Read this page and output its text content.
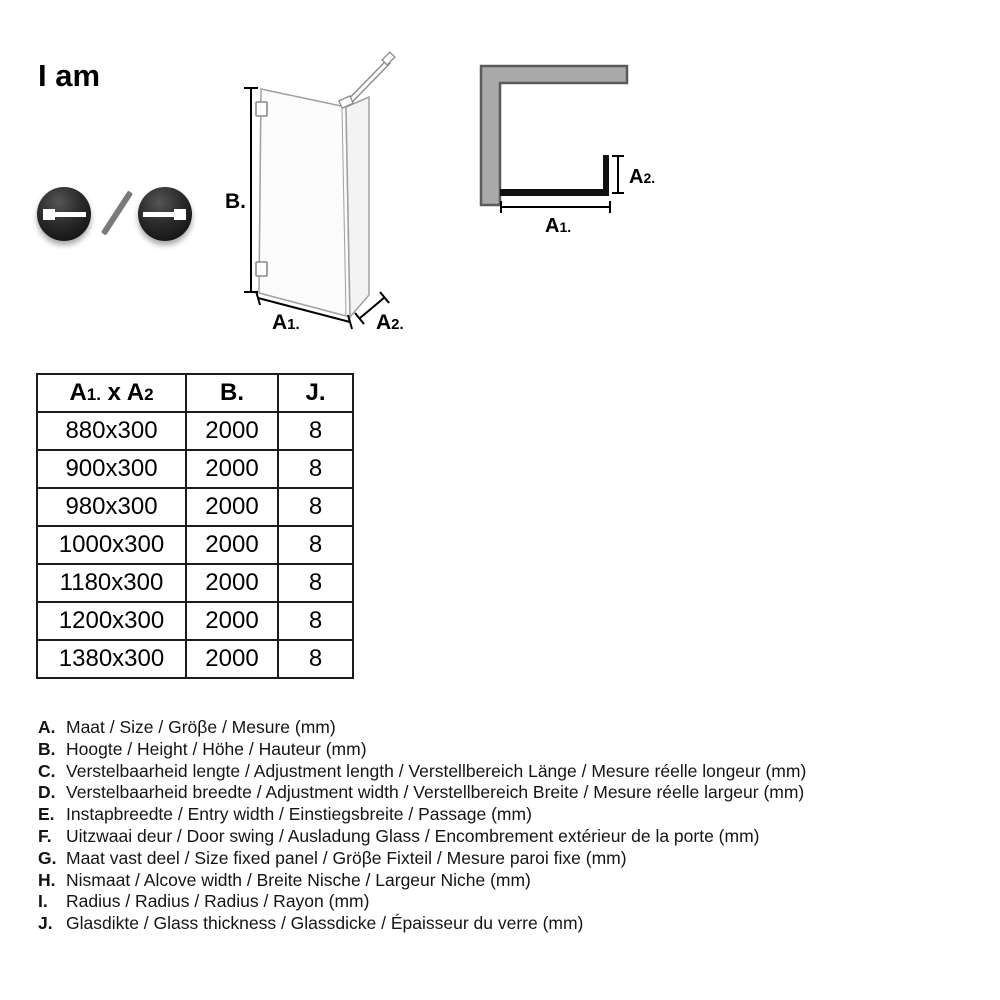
I am
B.
A1.	A2.
A2.
A1.
A1. x A2	B.	J.
880x300	2000	8
900x300	2000	8
980x300	2000	8
1000x300	2000	8
1180x300	2000	8
1200x300	2000	8
1380x300	2000	8
A. Maat / Size / Gröβe / Mesure (mm)
B. Hoogte / Height / Höhe / Hauteur (mm)
C. Verstelbaarheid lengte / Adjustment length / Verstellbereich Länge / Mesure réelle longeur (mm)
D. Verstelbaarheid breedte / Adjustment width / Verstellbereich Breite / Mesure réelle largeur (mm)
E. Instapbreedte / Entry width / Einstiegsbreite / Passage (mm)
F. Uitzwaai deur / Door swing / Ausladung Glass / Encombrement extérieur de la porte (mm)
G. Maat vast deel / Size fixed panel / Gröβe Fixteil / Mesure paroi fixe (mm)
H. Nismaat / Alcove width / Breite Nische / Largeur Niche (mm)
I.	Radius / Radius / Radius / Rayon (mm)
J. Glasdikte / Glass thickness / Glassdicke / Épaisseur du verre (mm)
